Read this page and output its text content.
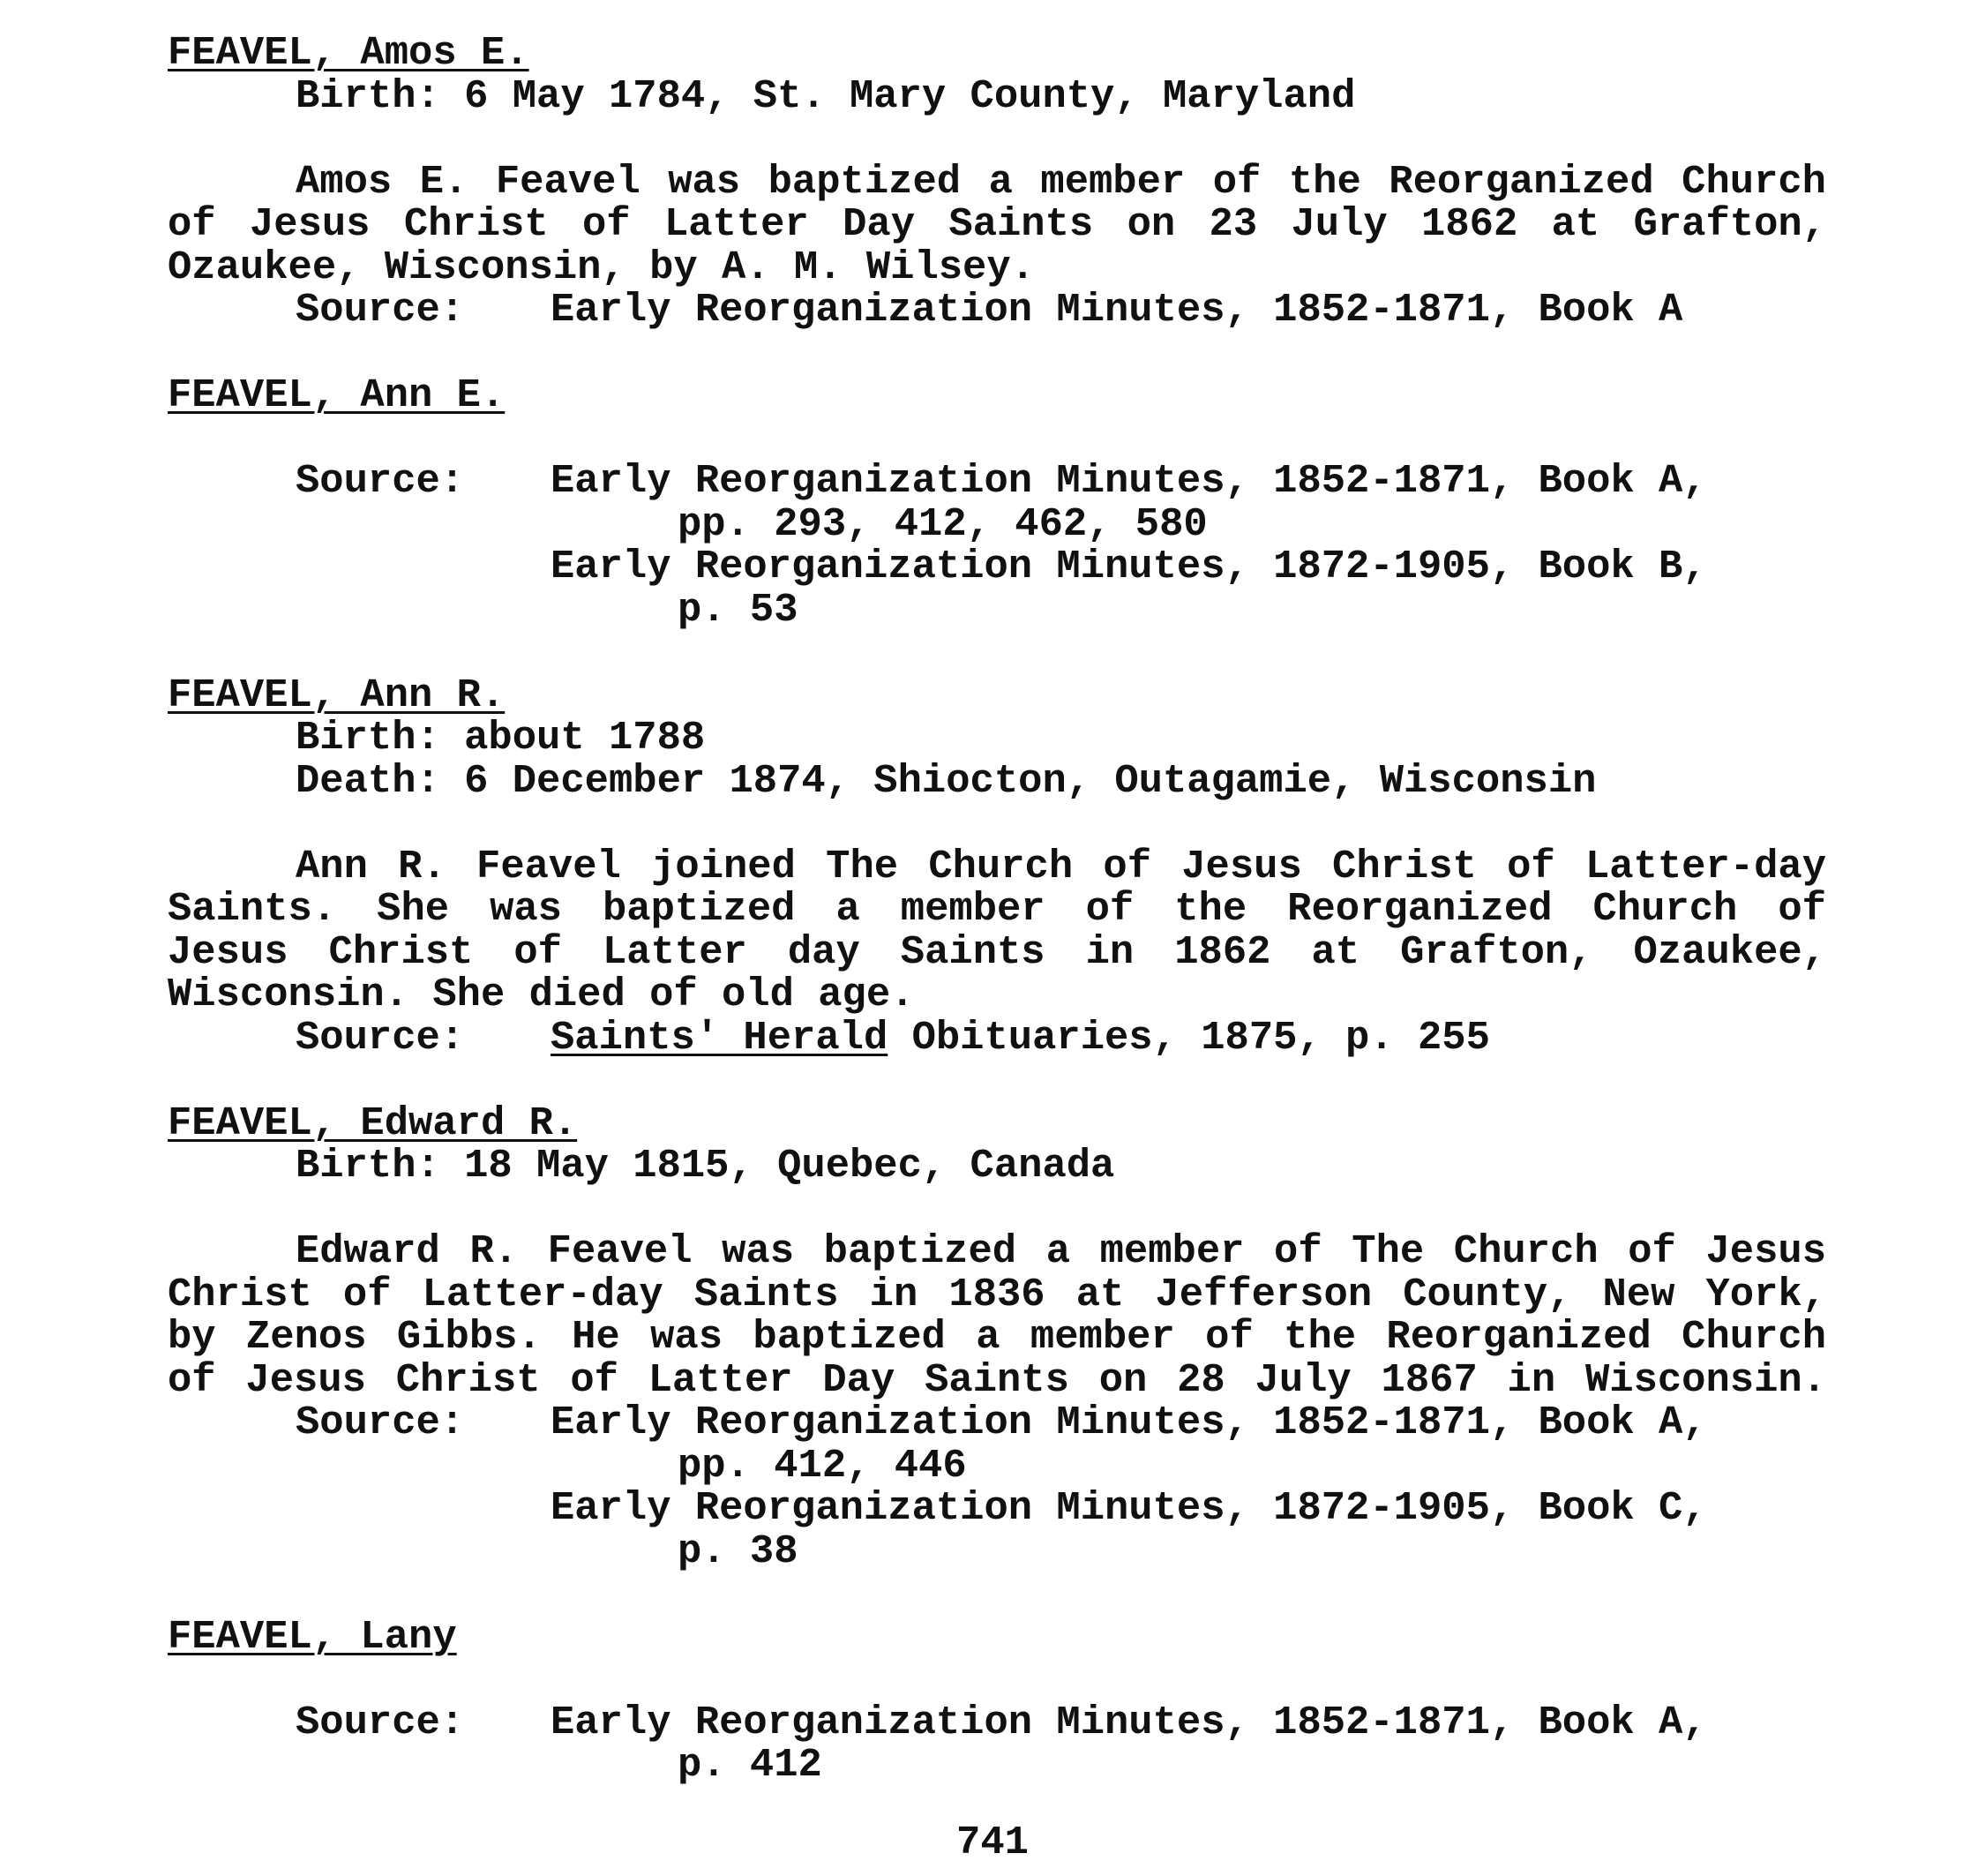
FEAVEL, Amos E.
Birth: 6 May 1784, St. Mary County, Maryland
Amos E. Feavel was baptized a member of the Reorganized Church
of Jesus Christ of Latter Day Saints on 23 July 1862 at Grafton,
Ozaukee, Wisconsin, by A. M. Wilsey.
Source: Early Reorganization Minutes, 1852-1871, Book A
FEAVEL, Ann E.
Source: Early Reorganization Minutes, 1852-1871, Book A,
pp. 293, 412, 462, 580
Early Reorganization Minutes, 1872-1905, Book B,
p. 53
FEAVEL, Ann R.
Birth: about 1788
Death: 6 December 1874, Shiocton, Outagamie, Wisconsin
Ann R. Feavel joined The Church of Jesus Christ of Latter-day
Saints. She was baptized a member of the Reorganized Church of
Jesus Christ of Latter day Saints in 1862 at Grafton, Ozaukee,
Wisconsin. She died of old age.
Source: Saints' Herald Obituaries, 1875, p. 255
FEAVEL, Edward R.
Birth: 18 May 1815, Quebec, Canada
Edward R. Feavel was baptized a member of The Church of Jesus
Christ of Latter-day Saints in 1836 at Jefferson County, New York,
by Zenos Gibbs. He was baptized a member of the Reorganized Church
of Jesus Christ of Latter Day Saints on 28 July 1867 in Wisconsin.
Source: Early Reorganization Minutes, 1852-1871, Book A,
pp. 412, 446
Early Reorganization Minutes, 1872-1905, Book C,
p. 38
FEAVEL, Lany
Source: Early Reorganization Minutes, 1852-1871, Book A,
p. 412
741
